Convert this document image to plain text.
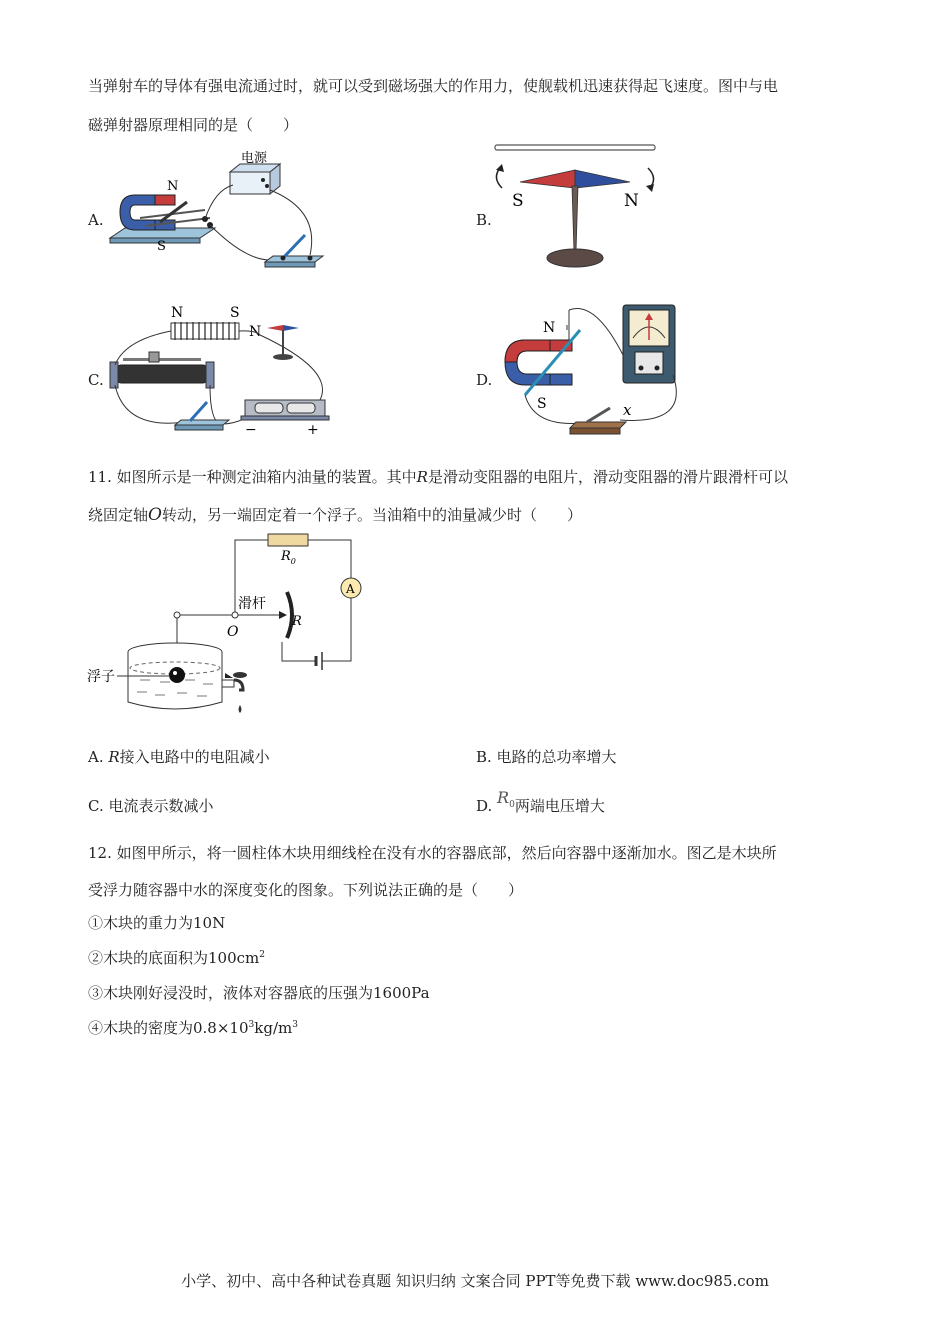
当弹射车的导体有强电流通过时，就可以受到磁场强大的作用力，使舰载机迅速获得起飞速度。图中与电
磁弹射器原理相同的是（　　）
A.
N
S
电源
B.
S	N
C.
N	S
N
−	+
D.
N
S	x
11. 如图所示是一种测定油箱内油量的装置。其中R是滑动变阻器的电阻片，滑动变阻器的滑片跟滑杆可以
绕固定轴O转动，另一端固定着一个浮子。当油箱中的油量减少时（　　）
A
$R_0$
R
滑杆
O
浮子
A. R接入电路中的电阻减小	B. 电路的总功率增大
C. 电流表示数减小	D. $R^0$两端电压增大
12. 如图甲所示，将一圆柱体木块用细线栓在没有水的容器底部，然后向容器中逐渐加水。图乙是木块所
受浮力随容器中水的深度变化的图象。下列说法正确的是（　　）
①木块的重力为10N
②木块的底面积为$100cm^2$
③木块刚好浸没时，液体对容器底的压强为1600Pa
④木块的密度为$0.8\times 10^3kg/m^3$
小学、初中、高中各种试卷真题 知识归纳 文案合同 PPT等免费下载 www.doc985.com
